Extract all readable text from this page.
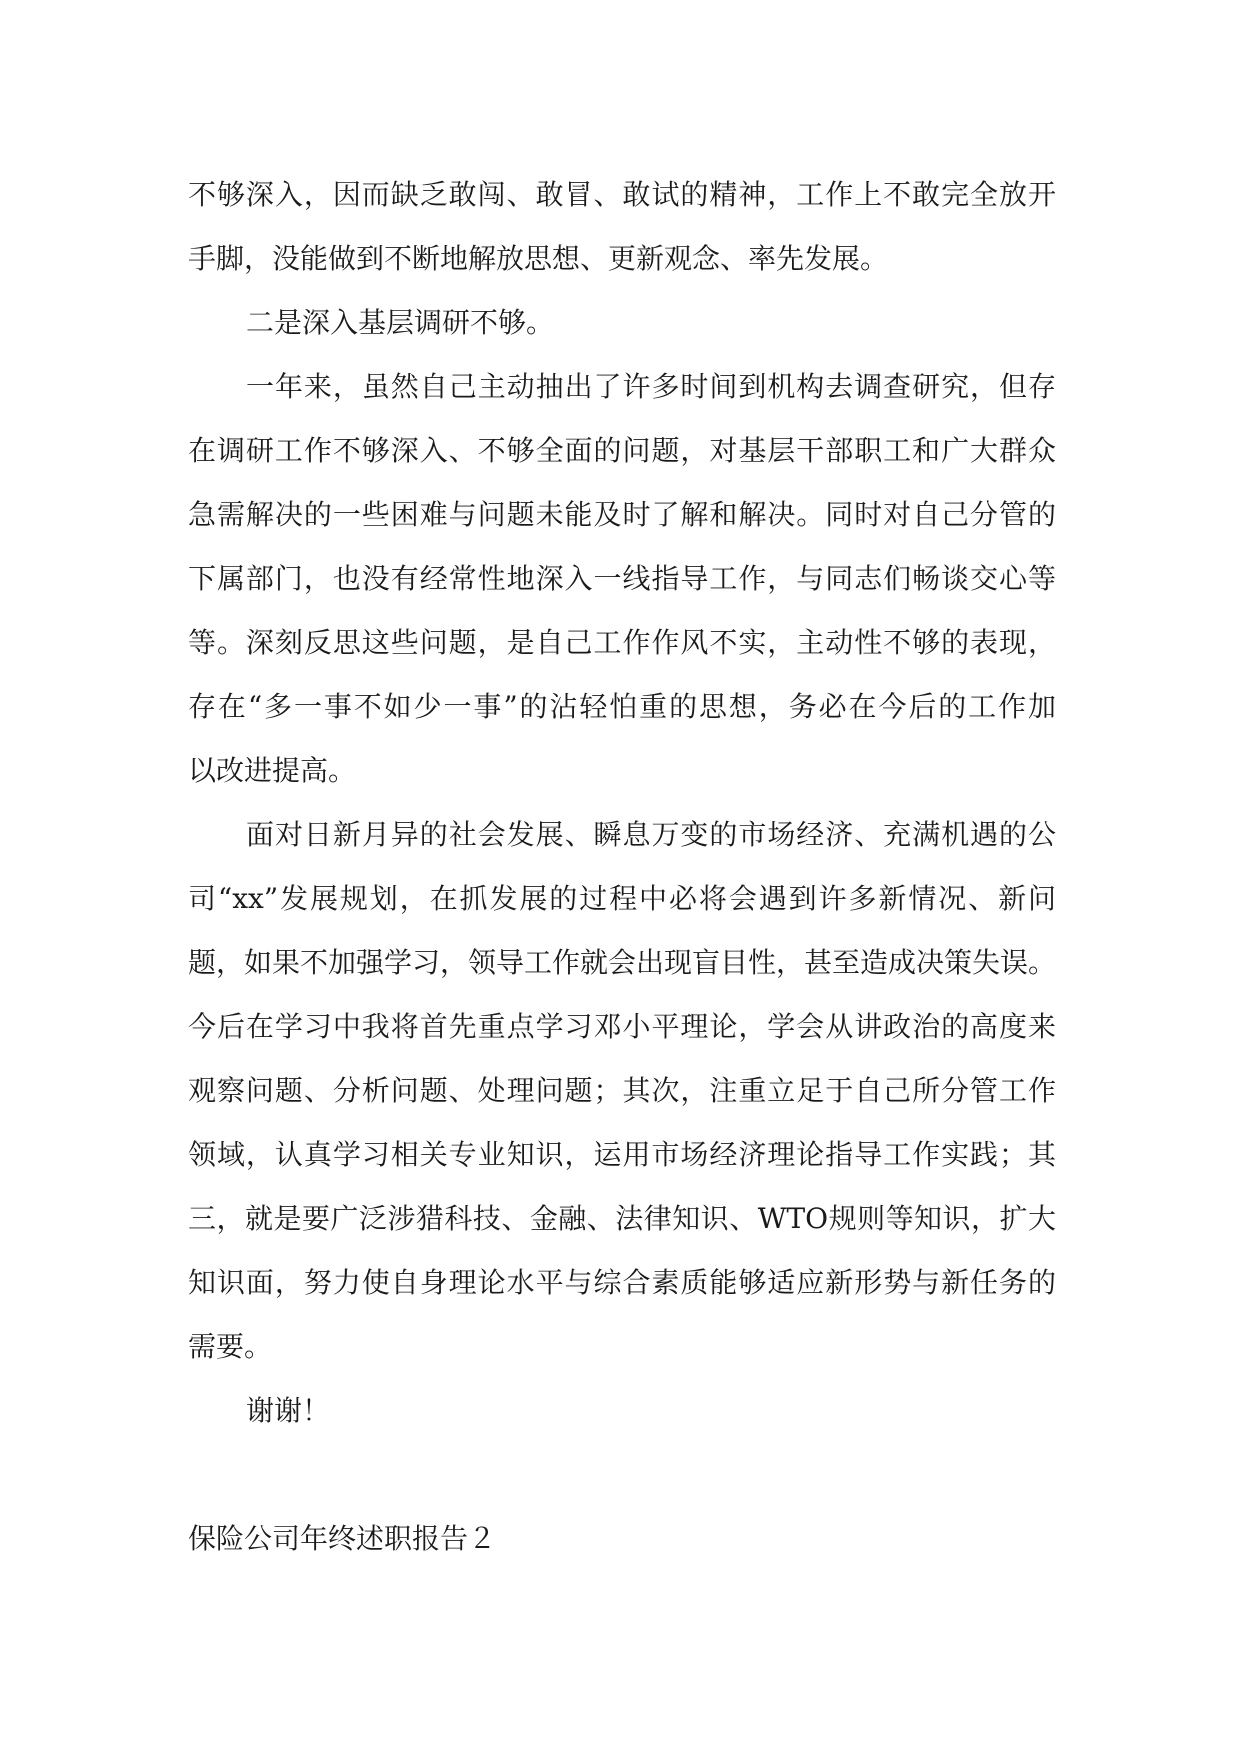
不够深入，因而缺乏敢闯、敢冒、敢试的精神，工作上不敢完全放开
手脚，没能做到不断地解放思想、更新观念、率先发展。
二是深入基层调研不够。
一年来，虽然自己主动抽出了许多时间到机构去调查研究，但存
在调研工作不够深入、不够全面的问题，对基层干部职工和广大群众
急需解决的一些困难与问题未能及时了解和解决。同时对自己分管的
下属部门，也没有经常性地深入一线指导工作，与同志们畅谈交心等
等。深刻反思这些问题，是自己工作作风不实，主动性不够的表现，
存在“多一事不如少一事”的沾轻怕重的思想，务必在今后的工作加
以改进提高。
面对日新月异的社会发展、瞬息万变的市场经济、充满机遇的公
司“xx”发展规划，在抓发展的过程中必将会遇到许多新情况、新问
题，如果不加强学习，领导工作就会出现盲目性，甚至造成决策失误。
今后在学习中我将首先重点学习邓小平理论，学会从讲政治的高度来
观察问题、分析问题、处理问题；其次，注重立足于自己所分管工作
领域，认真学习相关专业知识，运用市场经济理论指导工作实践；其
三，就是要广泛涉猎科技、金融、法律知识、WTO规则等知识，扩大
知识面，努力使自身理论水平与综合素质能够适应新形势与新任务的
需要。
谢谢！
保险公司年终述职报告２
